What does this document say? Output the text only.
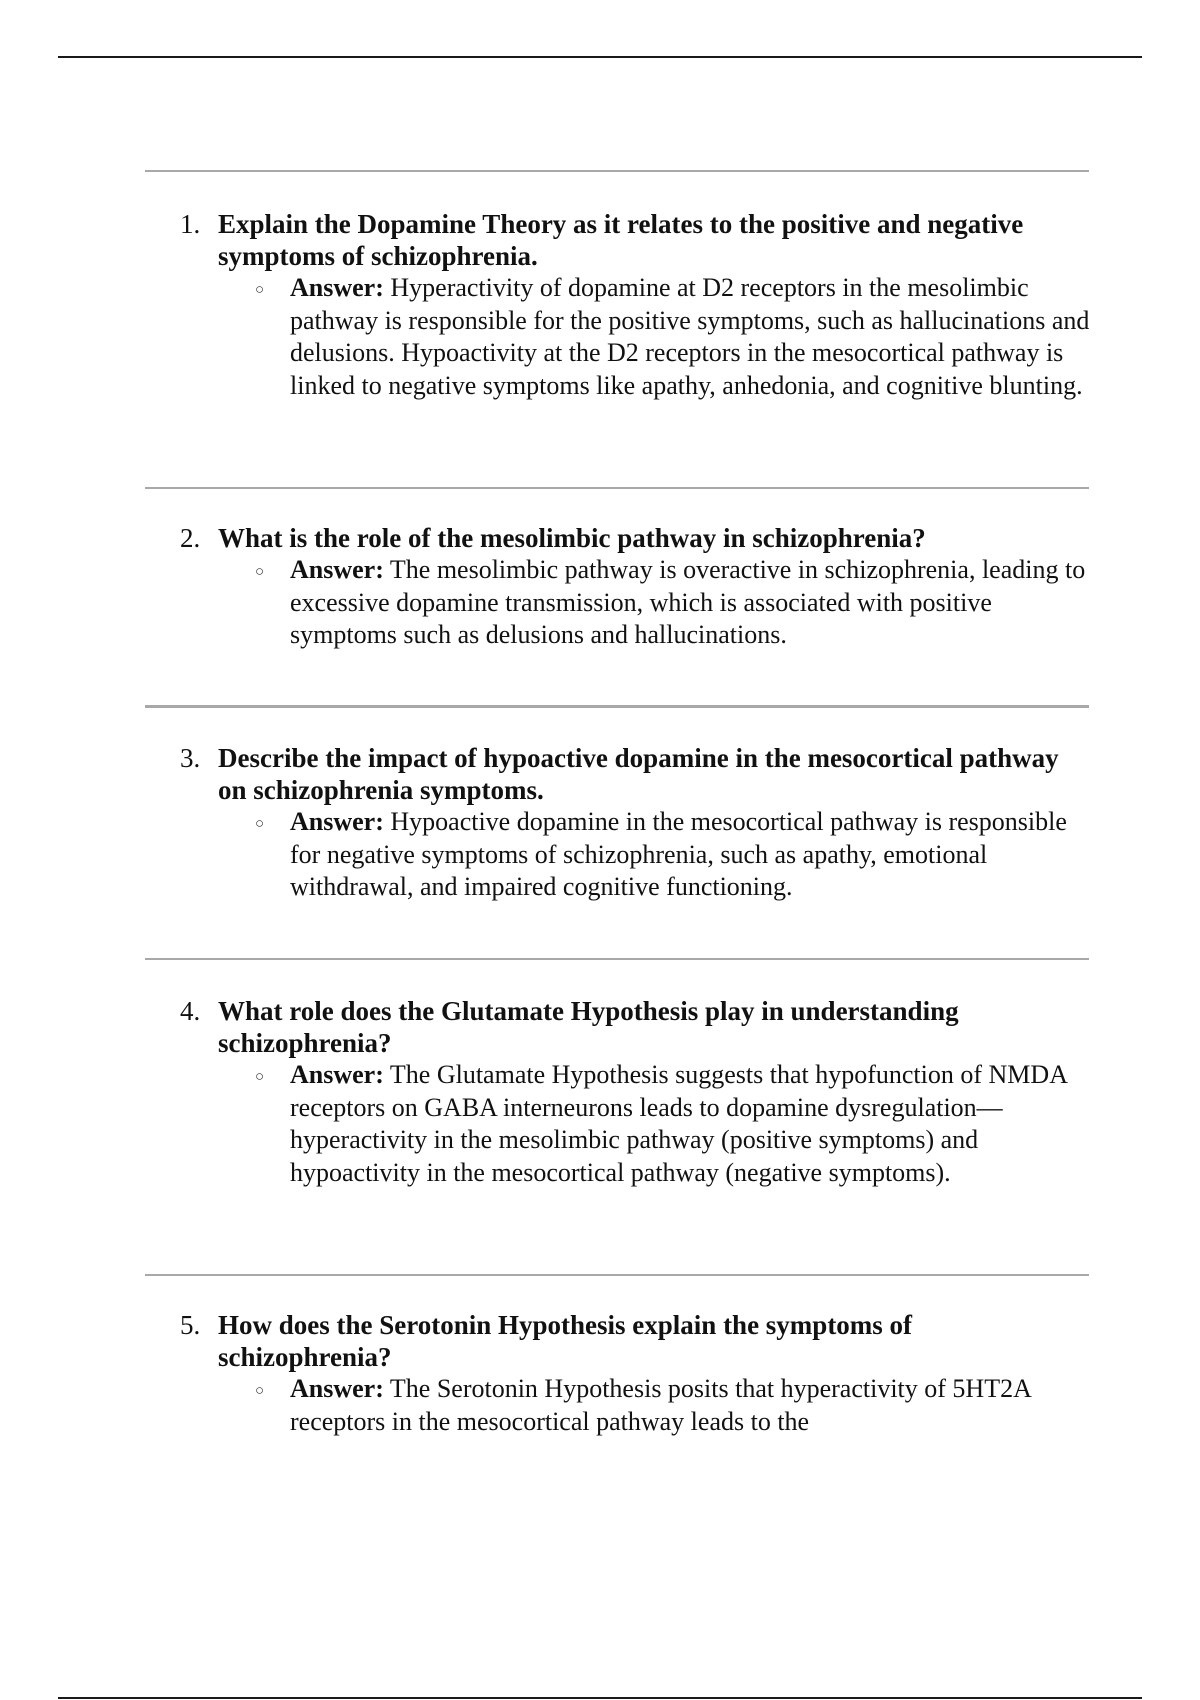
1. Explain the Dopamine Theory as it relates to the positive and negative symptoms of schizophrenia.
○ Answer: Hyperactivity of dopamine at D2 receptors in the mesolimbic pathway is responsible for the positive symptoms, such as hallucinations and delusions. Hypoactivity at the D2 receptors in the mesocortical pathway is linked to negative symptoms like apathy, anhedonia, and cognitive blunting.
2. What is the role of the mesolimbic pathway in schizophrenia?
○ Answer: The mesolimbic pathway is overactive in schizophrenia, leading to excessive dopamine transmission, which is associated with positive symptoms such as delusions and hallucinations.
3. Describe the impact of hypoactive dopamine in the mesocortical pathway on schizophrenia symptoms.
○ Answer: Hypoactive dopamine in the mesocortical pathway is responsible for negative symptoms of schizophrenia, such as apathy, emotional withdrawal, and impaired cognitive functioning.
4. What role does the Glutamate Hypothesis play in understanding schizophrenia?
○ Answer: The Glutamate Hypothesis suggests that hypofunction of NMDA receptors on GABA interneurons leads to dopamine dysregulation—hyperactivity in the mesolimbic pathway (positive symptoms) and hypoactivity in the mesocortical pathway (negative symptoms).
5. How does the Serotonin Hypothesis explain the symptoms of schizophrenia?
○ Answer: The Serotonin Hypothesis posits that hyperactivity of 5HT2A receptors in the mesocortical pathway leads to the
